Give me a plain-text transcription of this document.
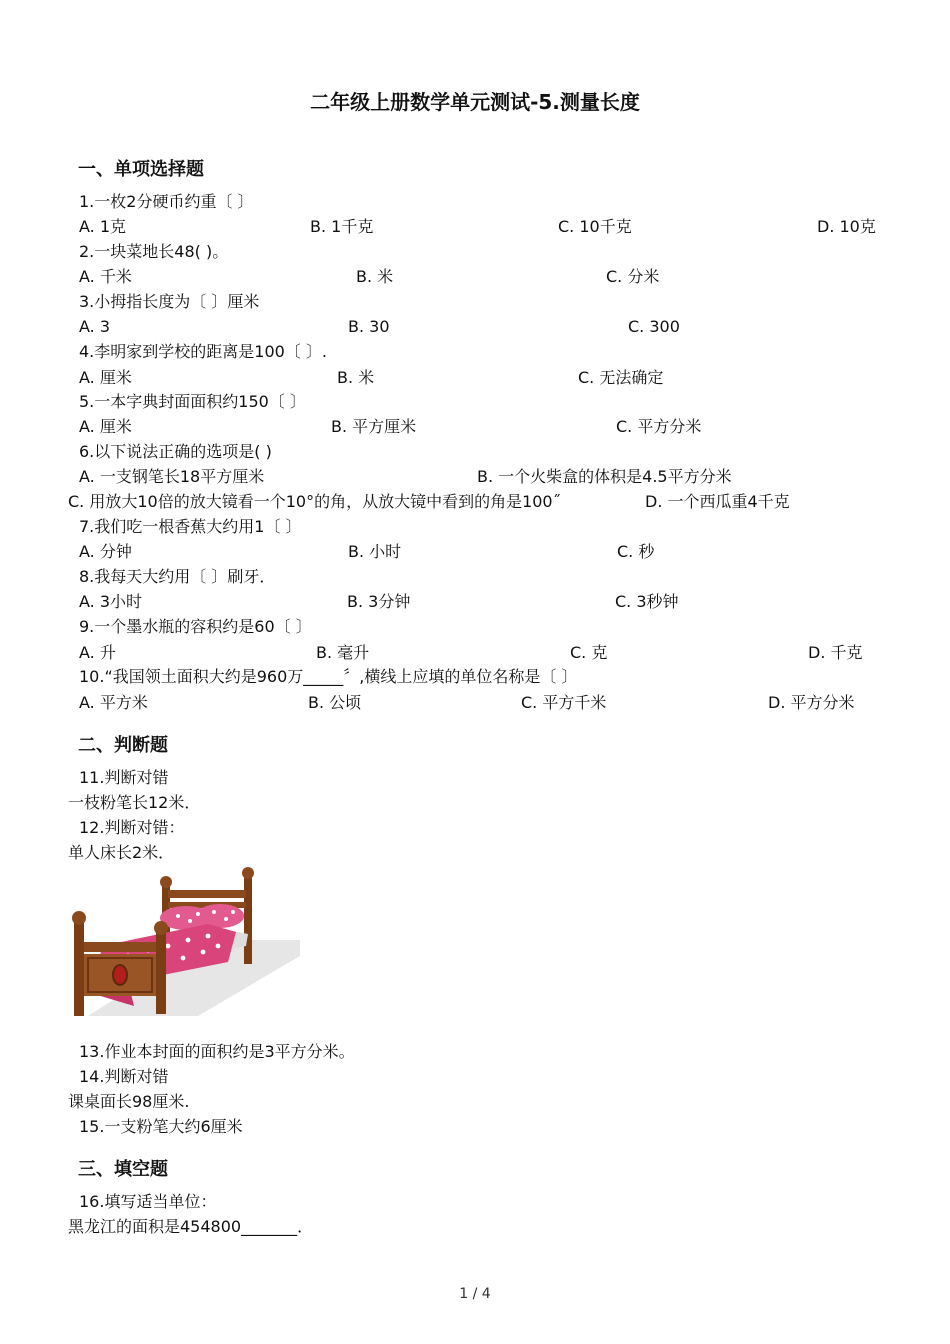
二年级上册数学单元测试-5.测量长度
一、单项选择题
1.一枚2分硬币约重〔 〕
A. 1克	B. 1千克	C. 10千克	D. 10克
2.一块菜地长48( )。
A. 千米	B. 米	C. 分米
3.小拇指长度为〔 〕厘米
A. 3	B. 30	C. 300
4.李明家到学校的距离是100〔 〕.
A. 厘米	B. 米	C. 无法确定
5.一本字典封面面积约150〔 〕
A. 厘米	B. 平方厘米	C. 平方分米
6.以下说法正确的选项是( )
A. 一支钢笔长18平方厘米	B. 一个火柴盒的体积是4.5平方分米
C. 用放大10倍的放大镜看一个10°的角，从放大镜中看到的角是100˝	D. 一个西瓜重4千克
7.我们吃一根香蕉大约用1〔 〕
A. 分钟	B. 小时	C. 秒
8.我每天大约用〔 〕刷牙．
A. 3小时	B. 3分钟	C. 3秒钟
9.一个墨水瓶的容积约是60〔 〕
A. 升	B. 毫升	C. 克	D. 千克
10.“我国领土面积大约是960万_____〞,横线上应填的单位名称是〔 〕
A. 平方米	B. 公顷	C. 平方千米	D. 平方分米
二、判断题
11.判断对错
一枝粉笔长12米．
12.判断对错：
单人床长2米．
13.作业本封面的面积约是3平方分米。
14.判断对错
课桌面长98厘米.
15.一支粉笔大约6厘米
三、填空题
16.填写适当单位：
黑龙江的面积是454800_______．
1 / 4
